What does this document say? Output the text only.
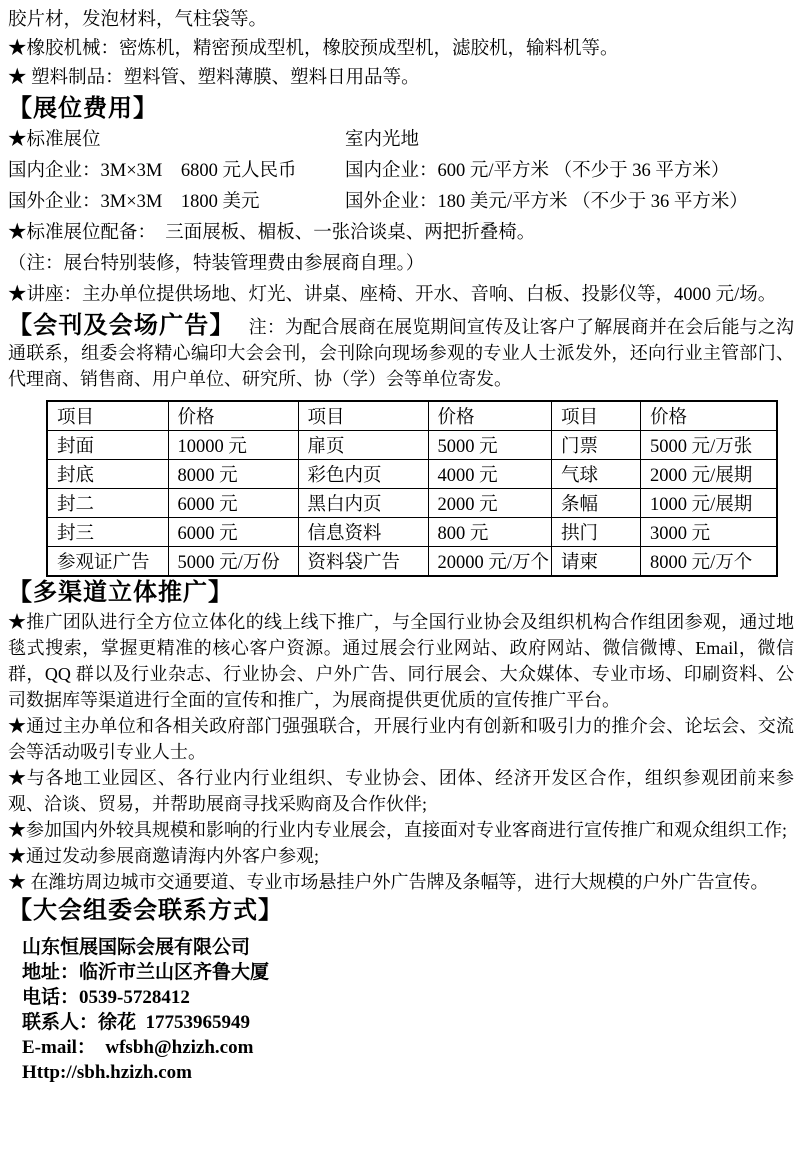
胶片材，发泡材料，气柱袋等。

★橡胶机械：密炼机，精密预成型机，橡胶预成型机，滤胶机，输料机等。

★ 塑料制品：塑料管、塑料薄膜、塑料日用品等。

【展位费用】
★标准展位	室内光地
国内企业：3M×3M    6800 元人民币	国内企业：600 元/平方米 （不少于 36 平方米）
国外企业：3M×3M    1800 美元	国外企业：180 美元/平方米 （不少于 36 平方米）

★标准展位配备：  三面展板、楣板、一张洽谈桌、两把折叠椅。

（注：展台特别装修，特装管理费由参展商自理。）

★讲座：主办单位提供场地、灯光、讲桌、座椅、开水、音响、白板、投影仪等，4000 元/场。

【会刊及会场广告】 注：为配合展商在展览期间宣传及让客户了解展商并在会后能与之沟通联系，组委会将精心编印大会会刊，会刊除向现场参观的专业人士派发外，还向行业主管部门、代理商、销售商、用户单位、研究所、协（学）会等单位寄发。

项目	价格	项目	价格	项目	价格
封面	10000 元	扉页	5000 元	门票	5000 元/万张
封底	8000 元	彩色内页	4000 元	气球	2000 元/展期
封二	6000 元	黑白内页	2000 元	条幅	1000 元/展期
封三	6000 元	信息资料	800 元	拱门	3000 元
参观证广告	5000 元/万份	资料袋广告	20000 元/万个	请柬	8000 元/万个
【多渠道立体推广】

★推广团队进行全方位立体化的线上线下推广，与全国行业协会及组织机构合作组团参观，通过地毯式搜索，掌握更精准的核心客户资源。通过展会行业网站、政府网站、微信微博、Email，微信群，QQ 群以及行业杂志、行业协会、户外广告、同行展会、大众媒体、专业市场、印刷资料、公司数据库等渠道进行全面的宣传和推广，为展商提供更优质的宣传推广平台。

★通过主办单位和各相关政府部门强强联合，开展行业内有创新和吸引力的推介会、论坛会、交流会等活动吸引专业人士。

★与各地工业园区、各行业内行业组织、专业协会、团体、经济开发区合作，组织参观团前来参观、洽谈、贸易，并帮助展商寻找采购商及合作伙伴;

★参加国内外较具规模和影响的行业内专业展会，直接面对专业客商进行宣传推广和观众组织工作;

★通过发动参展商邀请海内外客户参观;

★ 在潍坊周边城市交通要道、专业市场悬挂户外广告牌及条幅等，进行大规模的户外广告宣传。

【大会组委会联系方式】

山东恒展国际会展有限公司

地址：临沂市兰山区齐鲁大厦

电话：0539-5728412

联系人：徐花  17753965949

E-mail：  wfsbh@hzizh.com

Http://sbh.hzizh.com
